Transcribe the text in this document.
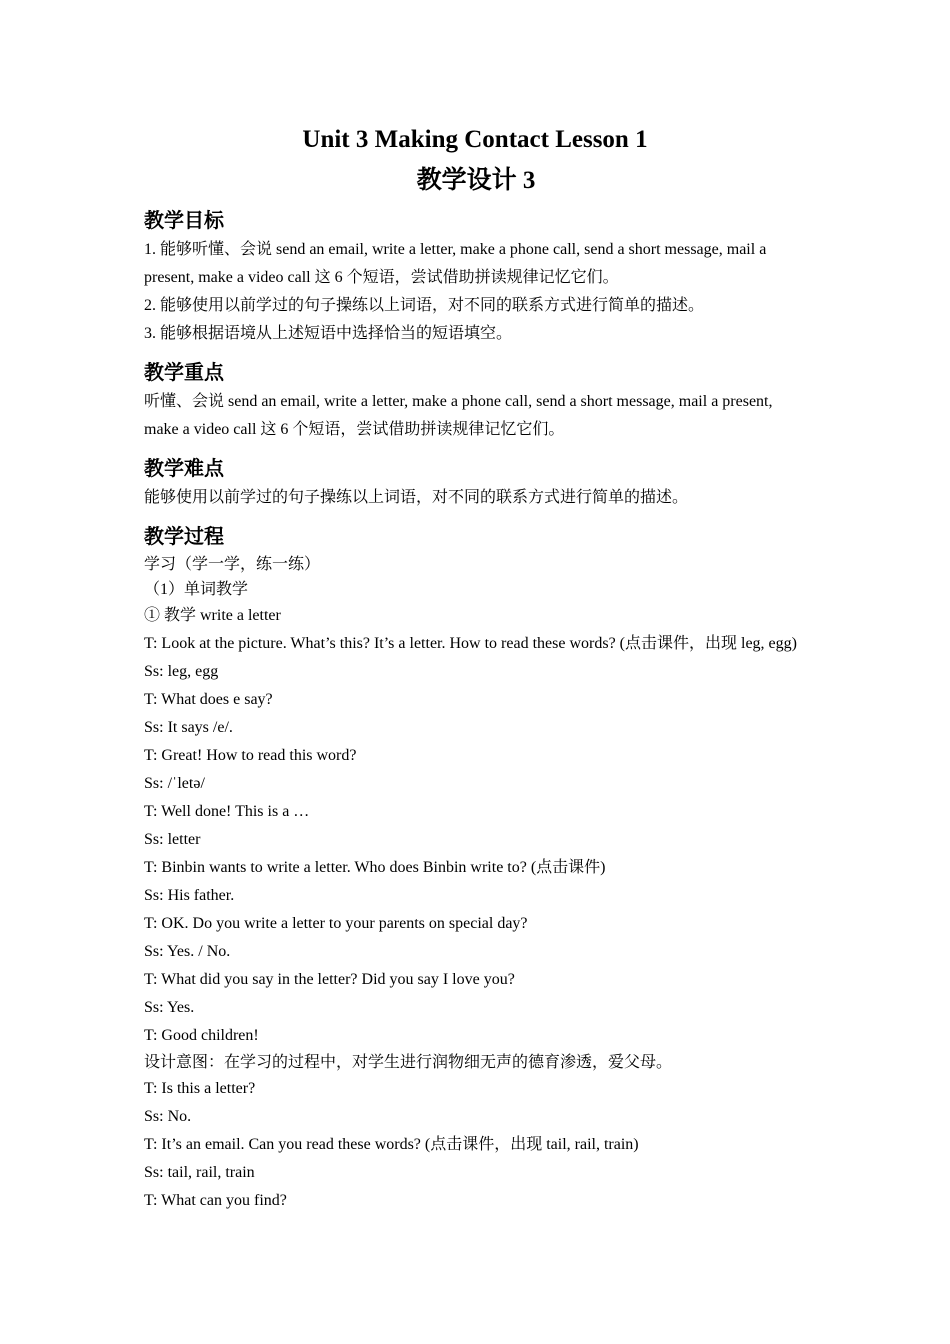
Unit 3 Making Contact Lesson 1
教学设计 3
教学目标

1. 能够听懂、会说 send an email, write a letter, make a phone call, send a short message, mail a present, make a video call 这 6 个短语，尝试借助拼读规律记忆它们。

2. 能够使用以前学过的句子操练以上词语，对不同的联系方式进行简单的描述。

3. 能够根据语境从上述短语中选择恰当的短语填空。

教学重点

听懂、会说 send an email, write a letter, make a phone call, send a short message, mail a present, make a video call 这 6 个短语，尝试借助拼读规律记忆它们。

教学难点

能够使用以前学过的句子操练以上词语，对不同的联系方式进行简单的描述。

教学过程

学习（学一学，练一练）

（1）单词教学

① 教学 write a letter

T: Look at the picture. What’s this? It’s a letter. How to read these words? (点击课件，出现 leg, egg)

Ss: leg, egg

T: What does e say?

Ss: It says /e/.

T: Great! How to read this word?

Ss: /ˈletə/

T: Well done! This is a …

Ss: letter

T: Binbin wants to write a letter. Who does Binbin write to? (点击课件)

Ss: His father.

T: OK. Do you write a letter to your parents on special day?

Ss: Yes. / No.

T: What did you say in the letter? Did you say I love you?

Ss: Yes.

T: Good children!

设计意图：在学习的过程中，对学生进行润物细无声的德育渗透，爱父母。

T: Is this a letter?

Ss: No.

T: It’s an email. Can you read these words? (点击课件，出现 tail, rail, train)

Ss: tail, rail, train

T: What can you find?
